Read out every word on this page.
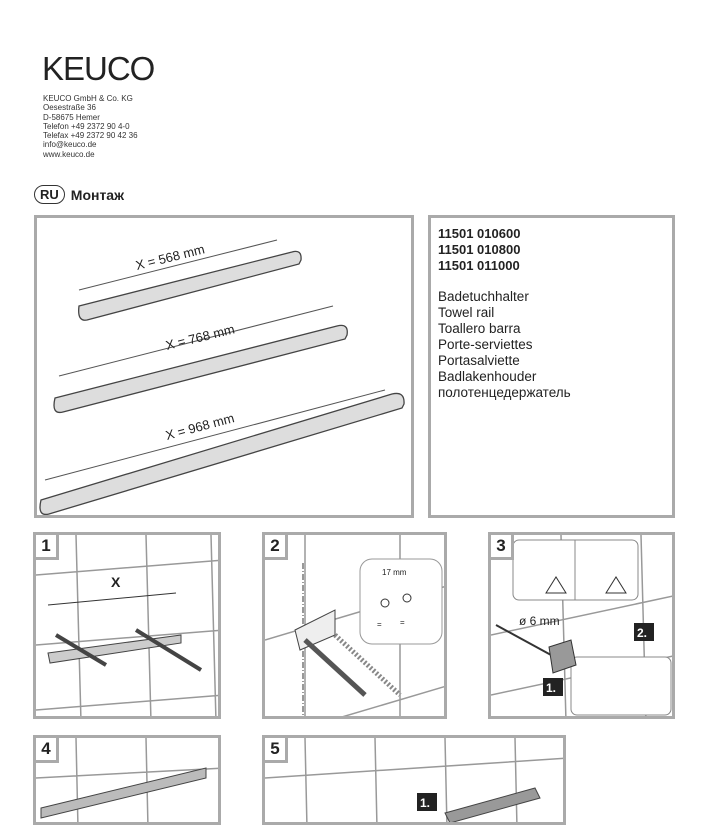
KEUCO
KEUCO GmbH & Co. KG
Oesestraße 36
D-58675 Hemer
Telefon +49 2372 90 4-0
Telefax +49 2372 90 42 36
info@keuco.de
www.keuco.de
RU Монтаж
X = 568 mm
X = 768 mm
X = 968 mm
11501 010600
11501 010800
11501 011000
Badetuchhalter
Towel rail
Toallero barra
Porte-serviettes
Portasalviette
Badlakenhouder
полотенцедержатель
X
1
17 mm
= =
2
ø 6 mm
1.
2.
3
4
1.
5
